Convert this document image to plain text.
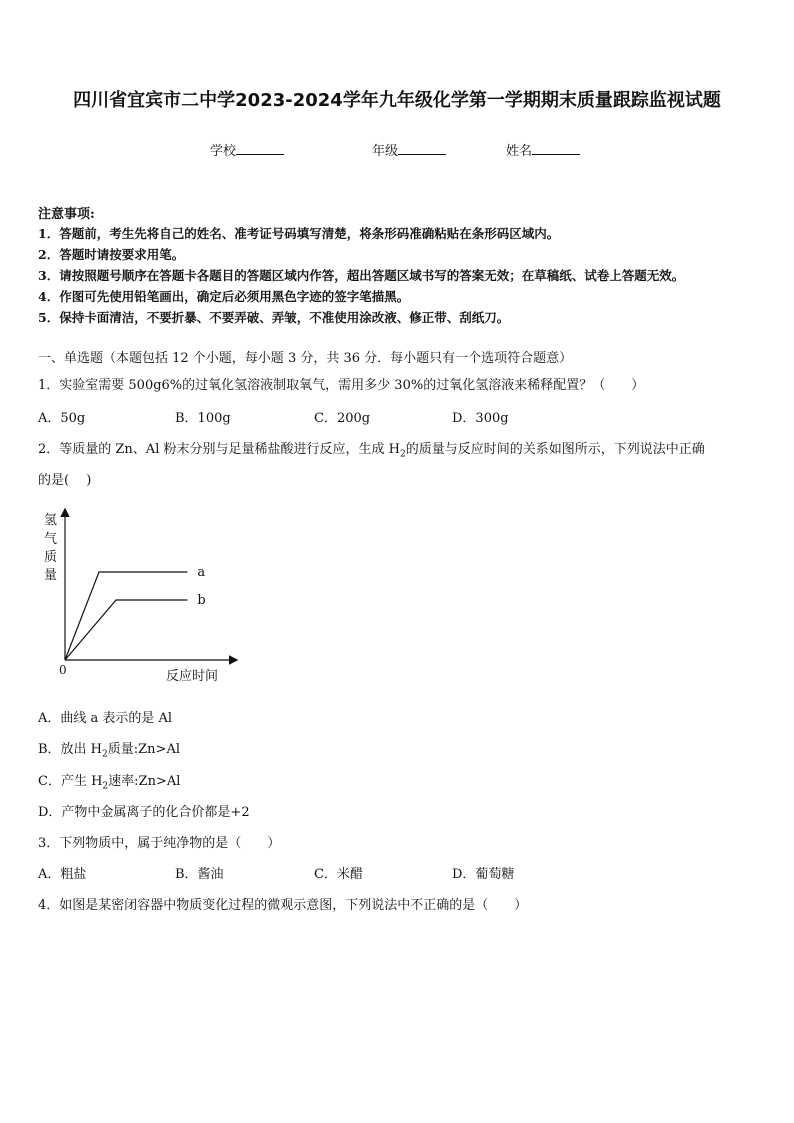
四川省宜宾市二中学2023-2024学年九年级化学第一学期期末质量跟踪监视试题
学校	年级	姓名
注意事项:
1．答题前，考生先将自己的姓名、准考证号码填写清楚，将条形码准确粘贴在条形码区域内。
2．答题时请按要求用笔。
3．请按照题号顺序在答题卡各题目的答题区域内作答，超出答题区域书写的答案无效；在草稿纸、试卷上答题无效。
4．作图可先使用铅笔画出，确定后必须用黑色字迹的签字笔描黑。
5．保持卡面清洁，不要折暴、不要弄破、弄皱，不准使用涂改液、修正带、刮纸刀。
一、单选题（本题包括 12 个小题，每小题 3 分，共 36 分．每小题只有一个选项符合题意）
1．实验室需要 500g6%的过氧化氢溶液制取氧气，需用多少 30%的过氧化氢溶液来稀释配置？（　　）
A．50g	B．100g	C．200g	D．300g
2．等质量的 Zn、Al 粉末分别与足量稀盐酸进行反应，生成 $H_2$的质量与反应时间的关系如图所示，下列说法中正确
的是(　 )
氢
气
质
量
0	反应时间
a
b
A．曲线 a 表示的是 Al
B．放出 $H_2$质量:Zn>Al
C．产生 $H_2$速率:Zn>Al
D．产物中金属离子的化合价都是+2
3．下列物质中，属于纯净物的是（　　）
A．粗盐	B．酱油	C．米醋	D．葡萄糖
4．如图是某密闭容器中物质变化过程的微观示意图，下列说法中不正确的是（　　）
